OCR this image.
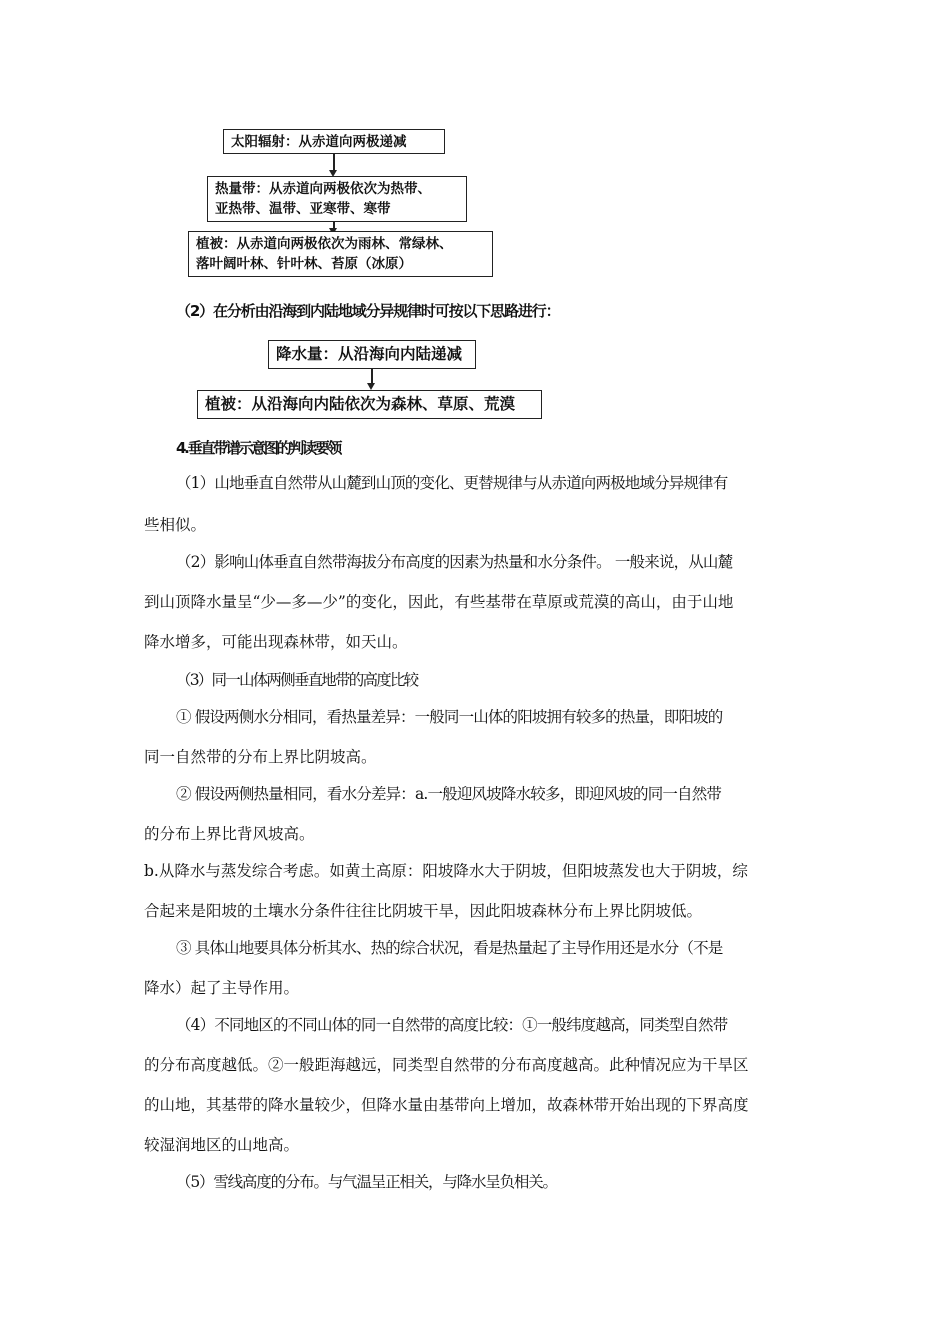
太阳辐射：从赤道向两极递减
热量带：从赤道向两极依次为热带、
亚热带、温带、亚寒带、寒带
植被：从赤道向两极依次为雨林、常绿林、
落叶阔叶林、针叶林、苔原（冰原）
（2）在分析由沿海到内陆地域分异规律时可按以下思路进行：
降水量：从沿海向内陆递减
植被：从沿海向内陆依次为森林、草原、荒漠
4.垂直带谱示意图的判读要领
（1）山地垂直自然带从山麓到山顶的变化、更替规律与从赤道向两极地域分异规律有
些相似。
（2）影响山体垂直自然带海拔分布高度的因素为热量和水分条件。 一般来说，从山麓
到山顶降水量呈“少—多—少”的变化，因此，有些基带在草原或荒漠的高山，由于山地
降水增多，可能出现森林带，如天山。
（3）同一山体两侧垂直地带的高度比较
① 假设两侧水分相同，看热量差异：一般同一山体的阳坡拥有较多的热量，即阳坡的
同一自然带的分布上界比阴坡高。
② 假设两侧热量相同，看水分差异：a.一般迎风坡降水较多，即迎风坡的同一自然带
的分布上界比背风坡高。
b.从降水与蒸发综合考虑。如黄土高原：阳坡降水大于阴坡，但阳坡蒸发也大于阴坡，综
合起来是阳坡的土壤水分条件往往比阴坡干旱，因此阳坡森林分布上界比阴坡低。
③ 具体山地要具体分析其水、热的综合状况，看是热量起了主导作用还是水分（不是
降水）起了主导作用。
（4）不同地区的不同山体的同一自然带的高度比较：①一般纬度越高，同类型自然带
的分布高度越低。②一般距海越远，同类型自然带的分布高度越高。此种情况应为干旱区
的山地，其基带的降水量较少，但降水量由基带向上增加，故森林带开始出现的下界高度
较湿润地区的山地高。
（5）雪线高度的分布。与气温呈正相关，与降水呈负相关。
